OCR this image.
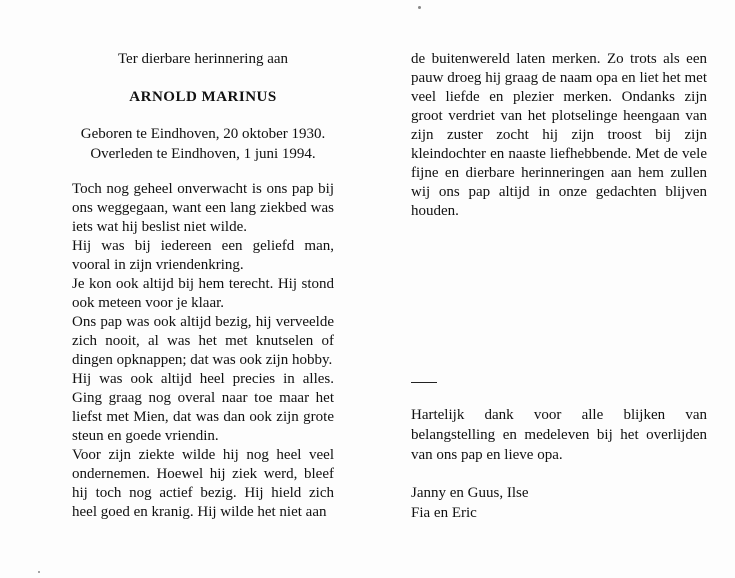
Ter dierbare herinnering aan

ARNOLD MARINUS

Geboren te Eindhoven, 20 oktober 1930.
Overleden te Eindhoven, 1 juni 1994.

Toch nog geheel onverwacht is ons pap bij ons weggegaan, want een lang ziekbed was iets wat hij beslist niet wilde.

Hij was bij iedereen een geliefd man, vooral in zijn vriendenkring.

Je kon ook altijd bij hem terecht. Hij stond ook meteen voor je klaar.

Ons pap was ook altijd bezig, hij verveelde zich nooit, al was het met knutselen of dingen opknappen; dat was ook zijn hobby.

Hij was ook altijd heel precies in alles. Ging graag nog overal naar toe maar het liefst met Mien, dat was dan ook zijn grote steun en goede vriendin.

Voor zijn ziekte wilde hij nog heel veel ondernemen. Hoewel hij ziek werd, bleef hij toch nog actief bezig. Hij hield zich heel goed en kranig. Hij wilde het niet aan

de buitenwereld laten merken. Zo trots als een pauw droeg hij graag de naam opa en liet het met veel liefde en plezier merken. Ondanks zijn groot verdriet van het plotselinge heengaan van zijn zuster zocht hij zijn troost bij zijn kleindochter en naaste liefhebbende. Met de vele fijne en dierbare herinneringen aan hem zullen wij ons pap altijd in onze gedachten blijven houden.

Hartelijk dank voor alle blijken van belangstelling en medeleven bij het overlijden van ons pap en lieve opa.

Janny en Guus, Ilse
Fia en Eric
